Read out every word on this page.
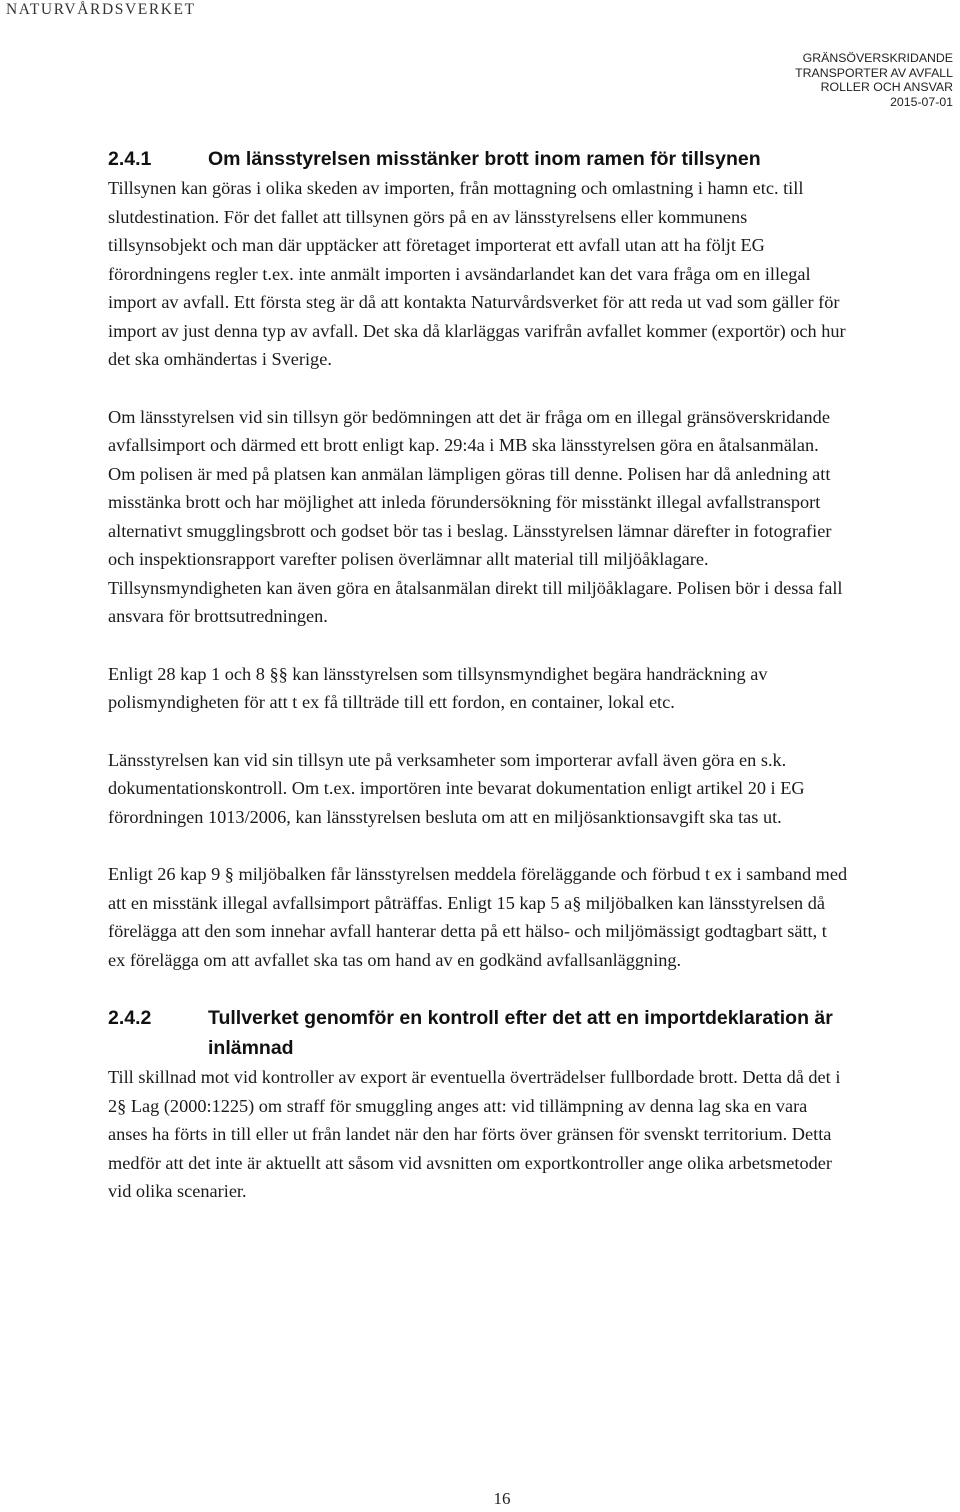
NATURVÅRDSVERKET
GRÄNSÖVERSKRIDANDE
TRANSPORTER AV AVFALL
ROLLER OCH ANSVAR
2015-07-01
2.4.1	Om länsstyrelsen misstänker brott inom ramen för tillsynen

Tillsynen kan göras i olika skeden av importen, från mottagning och omlastning i hamn etc. till slutdestination. För det fallet att tillsynen görs på en av länsstyrelsens eller kommunens tillsynsobjekt och man där upptäcker att företaget importerat ett avfall utan att ha följt EG förordningens regler t.ex. inte anmält importen i avsändarlandet kan det vara fråga om en illegal import av avfall. Ett första steg är då att kontakta Naturvårdsverket för att reda ut vad som gäller för import av just denna typ av avfall. Det ska då klarläggas varifrån avfallet kommer (exportör) och hur det ska omhändertas i Sverige.

Om länsstyrelsen vid sin tillsyn gör bedömningen att det är fråga om en illegal gränsöverskridande avfallsimport och därmed ett brott enligt kap. 29:4a i MB ska länsstyrelsen göra en åtalsanmälan. Om polisen är med på platsen kan anmälan lämpligen göras till denne. Polisen har då anledning att misstänka brott och har möjlighet att inleda förundersökning för misstänkt illegal avfallstransport alternativt smugglingsbrott och godset bör tas i beslag. Länsstyrelsen lämnar därefter in fotografier och inspektionsrapport varefter polisen överlämnar allt material till miljöåklagare. Tillsynsmyndigheten kan även göra en åtalsanmälan direkt till miljöåklagare. Polisen bör i dessa fall ansvara för brottsutredningen.

Enligt 28 kap 1 och 8 §§ kan länsstyrelsen som tillsynsmyndighet begära handräckning av polismyndigheten för att t ex få tillträde till ett fordon, en container, lokal etc.

Länsstyrelsen kan vid sin tillsyn ute på verksamheter som importerar avfall även göra en s.k. dokumentationskontroll. Om t.ex. importören inte bevarat dokumentation enligt artikel 20 i EG förordningen 1013/2006, kan länsstyrelsen besluta om att en miljösanktionsavgift ska tas ut.

Enligt 26 kap 9 § miljöbalken får länsstyrelsen meddela föreläggande och förbud t ex i samband med att en misstänk illegal avfallsimport påträffas. Enligt 15 kap 5 a§ miljöbalken kan länsstyrelsen då förelägga att den som innehar avfall hanterar detta på ett hälso- och miljömässigt godtagbart sätt, t ex förelägga om att avfallet ska tas om hand av en godkänd avfallsanläggning.

2.4.2	Tullverket genomför en kontroll efter det att en importdeklaration är inlämnad

Till skillnad mot vid kontroller av export är eventuella överträdelser fullbordade brott. Detta då det i 2§ Lag (2000:1225) om straff för smuggling anges att: vid tillämpning av denna lag ska en vara anses ha förts in till eller ut från landet när den har förts över gränsen för svenskt territorium. Detta medför att det inte är aktuellt att såsom vid avsnitten om exportkontroller ange olika arbetsmetoder vid olika scenarier.

16
